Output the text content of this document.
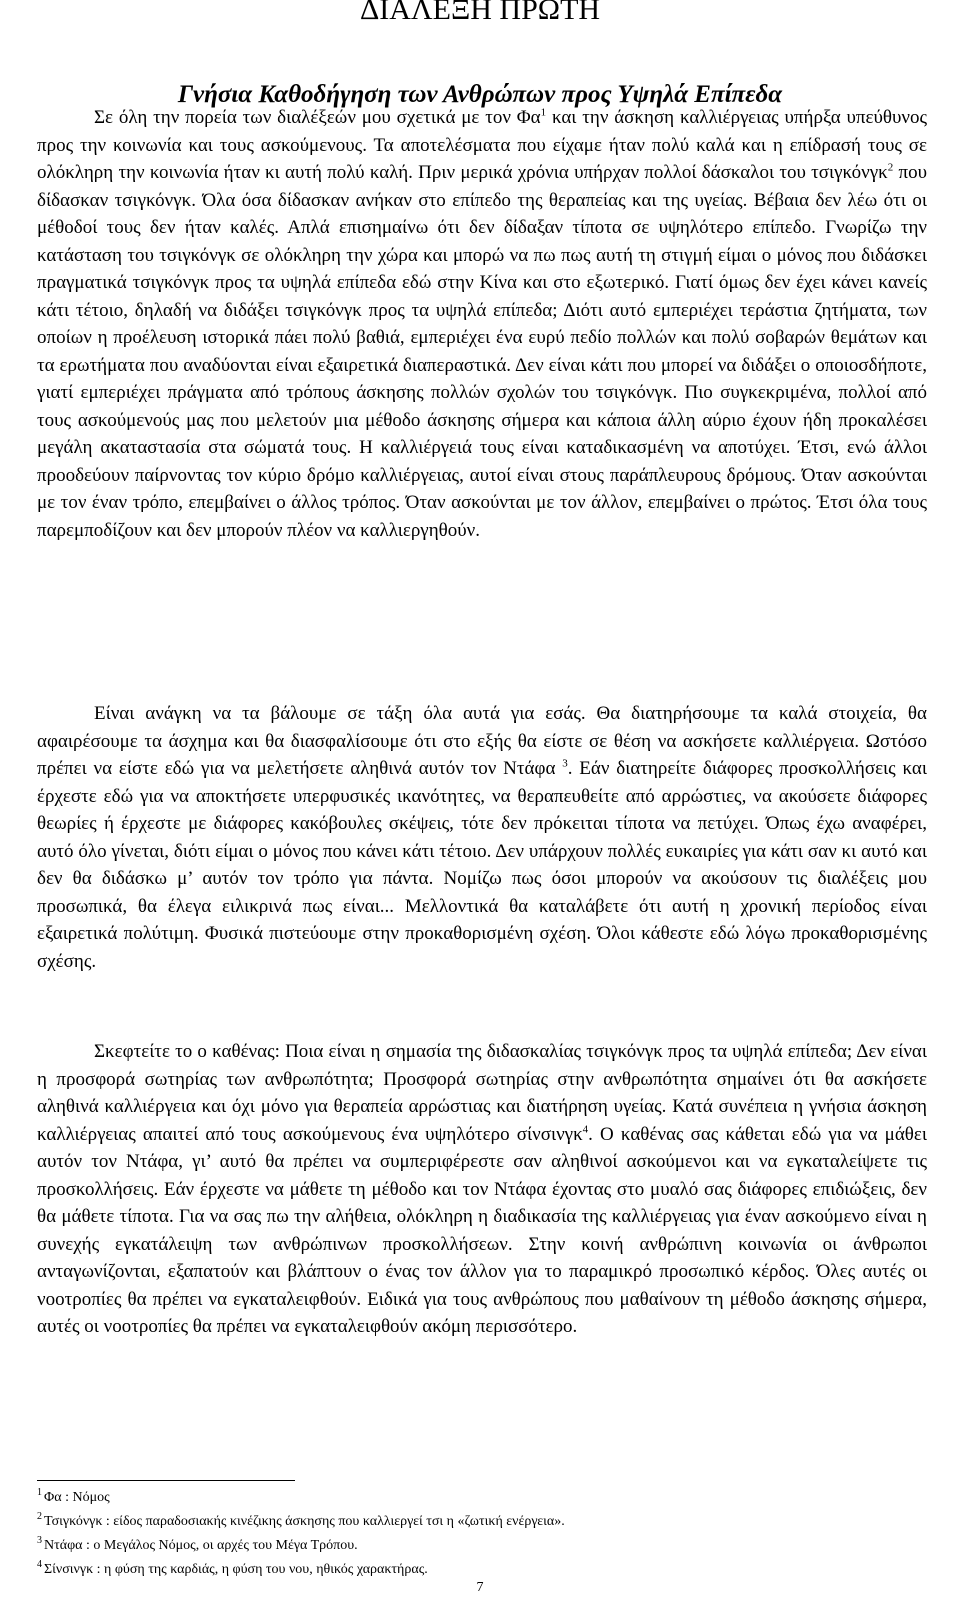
ΔΙΑΛΕΞΗ ΠΡΩΤΗ
Γνήσια Καθοδήγηση των Ανθρώπων προς Υψηλά Επίπεδα

Σε όλη την πορεία των διαλέξεών μου σχετικά με τον $\Phi\alpha^1$ και την άσκηση καλλιέργειας υπήρξα υπεύθυνος προς την κοινωνία και τους ασκούμενους. Τα αποτελέσματα που είχαμε ήταν πολύ καλά και η επίδρασή τους σε ολόκληρη την κοινωνία ήταν κι αυτή πολύ καλή. Πριν μερικά χρόνια υπήρχαν πολλοί δάσκαλοι του τσιγκόνγκ$^2$ που δίδασκαν τσιγκόνγκ. Όλα όσα δίδασκαν ανήκαν στο επίπεδο της θεραπείας και της υγείας. Βέβαια δεν λέω ότι οι μέθοδοί τους δεν ήταν καλές. Απλά επισημαίνω ότι δεν δίδαξαν τίποτα σε υψηλότερο επίπεδο. Γνωρίζω την κατάσταση του τσιγκόνγκ σε ολόκληρη την χώρα και μπορώ να πω πως αυτή τη στιγμή είμαι ο μόνος που διδάσκει πραγματικά τσιγκόνγκ προς τα υψηλά επίπεδα εδώ στην Κίνα και στο εξωτερικό. Γιατί όμως δεν έχει κάνει κανείς κάτι τέτοιο, δηλαδή να διδάξει τσιγκόνγκ προς τα υψηλά επίπεδα; Διότι αυτό εμπεριέχει τεράστια ζητήματα, των οποίων η προέλευση ιστορικά πάει πολύ βαθιά, εμπεριέχει ένα ευρύ πεδίο πολλών και πολύ σοβαρών θεμάτων και τα ερωτήματα που αναδύονται είναι εξαιρετικά διαπεραστικά. Δεν είναι κάτι που μπορεί να διδάξει ο οποιοσδήποτε, γιατί εμπεριέχει πράγματα από τρόπους άσκησης πολλών σχολών του τσιγκόνγκ. Πιο συγκεκριμένα, πολλοί από τους ασκούμενούς μας που μελετούν μια μέθοδο άσκησης σήμερα και κάποια άλλη αύριο έχουν ήδη προκαλέσει μεγάλη ακαταστασία στα σώματά τους. Η καλλιέργειά τους είναι καταδικασμένη να αποτύχει. Έτσι, ενώ άλλοι προοδεύουν παίρνοντας τον κύριο δρόμο καλλιέργειας, αυτοί είναι στους παράπλευρους δρόμους. Όταν ασκούνται με τον έναν τρόπο, επεμβαίνει ο άλλος τρόπος. Όταν ασκούνται με τον άλλον, επεμβαίνει ο πρώτος. Έτσι όλα τους παρεμποδίζουν και δεν μπορούν πλέον να καλλιεργηθούν.

Είναι ανάγκη να τα βάλουμε σε τάξη όλα αυτά για εσάς. Θα διατηρήσουμε τα καλά στοιχεία, θα αφαιρέσουμε τα άσχημα και θα διασφαλίσουμε ότι στο εξής θα είστε σε θέση να ασκήσετε καλλιέργεια. Ωστόσο πρέπει να είστε εδώ για να μελετήσετε αληθινά αυτόν τον Ντάφα $^3$. Εάν διατηρείτε διάφορες προσκολλήσεις και έρχεστε εδώ για να αποκτήσετε υπερφυσικές ικανότητες, να θεραπευθείτε από αρρώστιες, να ακούσετε διάφορες θεωρίες ή έρχεστε με διάφορες κακόβουλες σκέψεις, τότε δεν πρόκειται τίποτα να πετύχει. Όπως έχω αναφέρει, αυτό όλο γίνεται, διότι είμαι ο μόνος που κάνει κάτι τέτοιο. Δεν υπάρχουν πολλές ευκαιρίες για κάτι σαν κι αυτό και δεν θα διδάσκω μ’ αυτόν τον τρόπο για πάντα. Νομίζω πως όσοι μπορούν να ακούσουν τις διαλέξεις μου προσωπικά, θα έλεγα ειλικρινά πως είναι... Μελλοντικά θα καταλάβετε ότι αυτή η χρονική περίοδος είναι εξαιρετικά πολύτιμη. Φυσικά πιστεύουμε στην προκαθορισμένη σχέση. Όλοι κάθεστε εδώ λόγω προκαθορισμένης σχέσης.

Σκεφτείτε το ο καθένας: Ποια είναι η σημασία της διδασκαλίας τσιγκόνγκ προς τα υψηλά επίπεδα; Δεν είναι η προσφορά σωτηρίας των ανθρωπότητα; Προσφορά σωτηρίας στην ανθρωπότητα σημαίνει ότι θα ασκήσετε αληθινά καλλιέργεια και όχι μόνο για θεραπεία αρρώστιας και διατήρηση υγείας. Κατά συνέπεια η γνήσια άσκηση καλλιέργειας απαιτεί από τους ασκούμενους ένα υψηλότερο σίνσινγκ$^4$. Ο καθένας σας κάθεται εδώ για να μάθει αυτόν τον Ντάφα, γι’ αυτό θα πρέπει να συμπεριφέρεστε σαν αληθινοί ασκούμενοι και να εγκαταλείψετε τις προσκολλήσεις. Εάν έρχεστε να μάθετε τη μέθοδο και τον Ντάφα έχοντας στο μυαλό σας διάφορες επιδιώξεις, δεν θα μάθετε τίποτα. Για να σας πω την αλήθεια, ολόκληρη η διαδικασία της καλλιέργειας για έναν ασκούμενο είναι η συνεχής εγκατάλειψη των ανθρώπινων προσκολλήσεων. Στην κοινή ανθρώπινη κοινωνία οι άνθρωποι ανταγωνίζονται, εξαπατούν και βλάπτουν ο ένας τον άλλον για το παραμικρό προσωπικό κέρδος. Όλες αυτές οι νοοτροπίες θα πρέπει να εγκαταλειφθούν. Ειδικά για τους ανθρώπους που μαθαίνουν τη μέθοδο άσκησης σήμερα, αυτές οι νοοτροπίες θα πρέπει να εγκαταλειφθούν ακόμη περισσότερο.

$^1$ Φα : Νόμος
$^2$ Τσιγκόνγκ : είδος παραδοσιακής κινέζικης άσκησης που καλλιεργεί τσι η «ζωτική ενέργεια».
$^3$ Ντάφα : ο Μεγάλος Νόμος, οι αρχές του Μέγα Τρόπου.
$^4$ Σίνσινγκ : η φύση της καρδιάς, η φύση του νου, ηθικός χαρακτήρας.
7
